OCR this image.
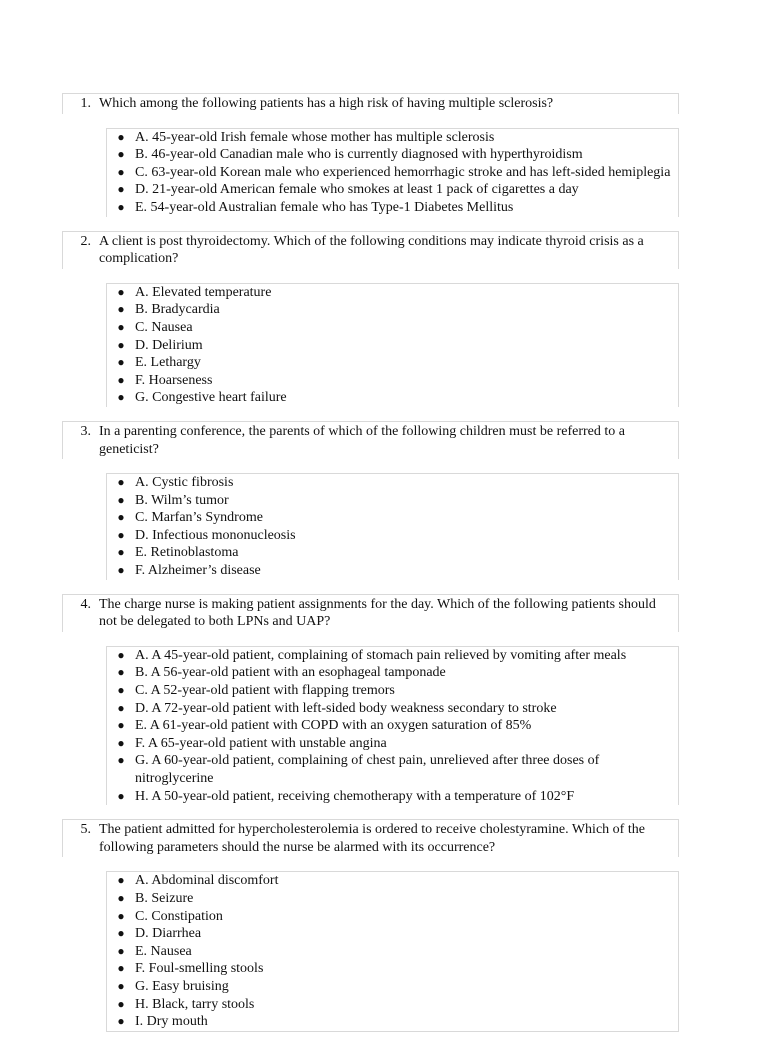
1. Which among the following patients has a high risk of having multiple sclerosis?
● A. 45-year-old Irish female whose mother has multiple sclerosis
● B. 46-year-old Canadian male who is currently diagnosed with hyperthyroidism
● C. 63-year-old Korean male who experienced hemorrhagic stroke and has left-sided hemiplegia
● D. 21-year-old American female who smokes at least 1 pack of cigarettes a day
● E. 54-year-old Australian female who has Type-1 Diabetes Mellitus
2. A client is post thyroidectomy. Which of the following conditions may indicate thyroid crisis as a complication?
● A. Elevated temperature
● B. Bradycardia
● C. Nausea
● D. Delirium
● E. Lethargy
● F. Hoarseness
● G. Congestive heart failure
3. In a parenting conference, the parents of which of the following children must be referred to a geneticist?
● A. Cystic fibrosis
● B. Wilm’s tumor
● C. Marfan’s Syndrome
● D. Infectious mononucleosis
● E. Retinoblastoma
● F. Alzheimer’s disease
4. The charge nurse is making patient assignments for the day. Which of the following patients should not be delegated to both LPNs and UAP?
● A. A 45-year-old patient, complaining of stomach pain relieved by vomiting after meals
● B. A 56-year-old patient with an esophageal tamponade
● C. A 52-year-old patient with flapping tremors
● D. A 72-year-old patient with left-sided body weakness secondary to stroke
● E. A 61-year-old patient with COPD with an oxygen saturation of 85%
● F. A 65-year-old patient with unstable angina
● G. A 60-year-old patient, complaining of chest pain, unrelieved after three doses of nitroglycerine
● H. A 50-year-old patient, receiving chemotherapy with a temperature of 102°F
5. The patient admitted for hypercholesterolemia is ordered to receive cholestyramine. Which of the following parameters should the nurse be alarmed with its occurrence?
● A. Abdominal discomfort
● B. Seizure
● C. Constipation
● D. Diarrhea
● E. Nausea
● F. Foul-smelling stools
● G. Easy bruising
● H. Black, tarry stools
● I. Dry mouth
